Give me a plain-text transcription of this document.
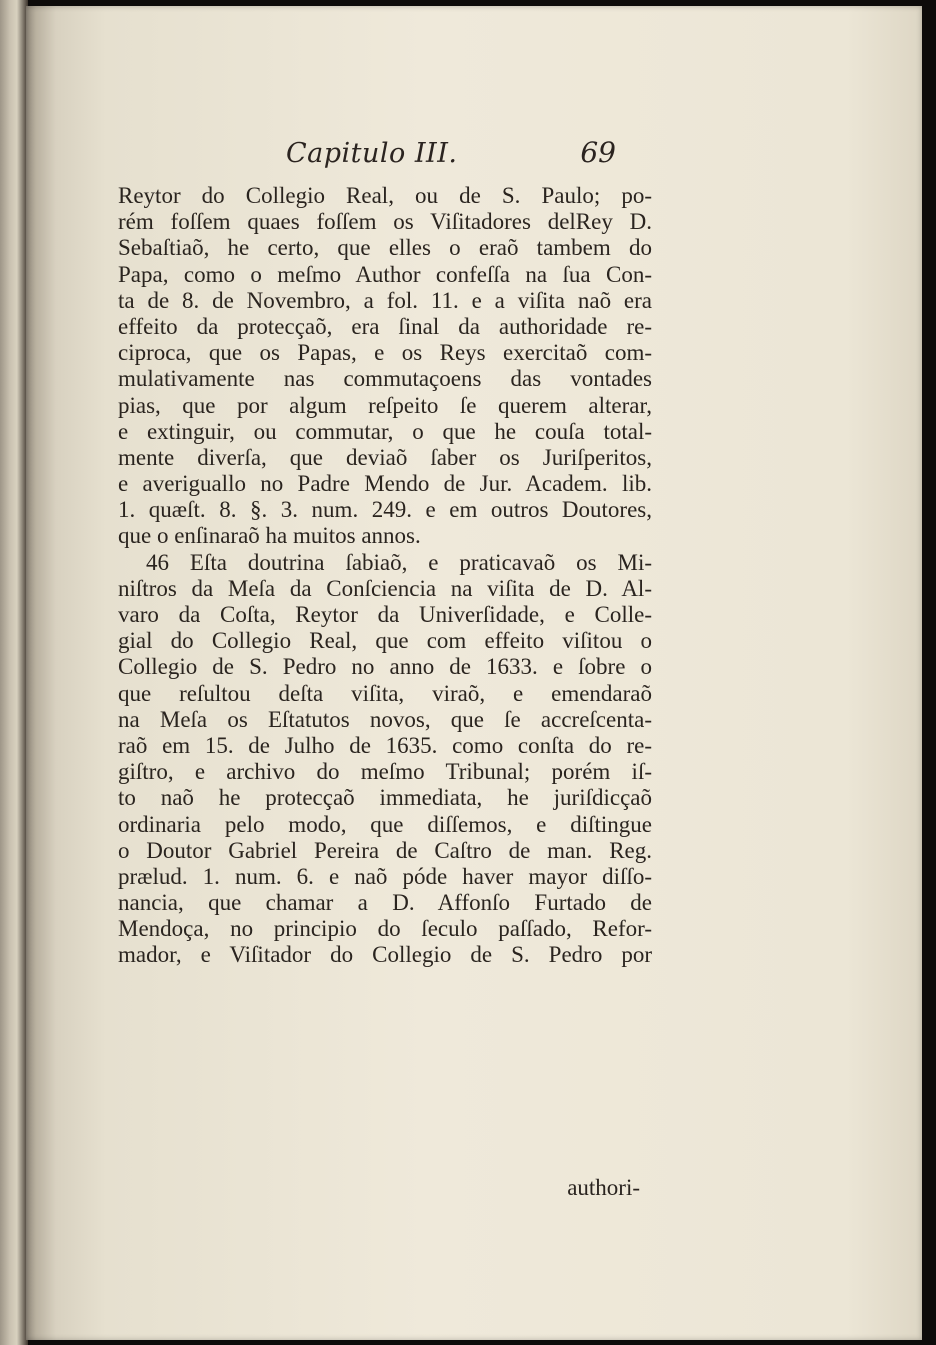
Capitulo III.	69
Reytor do Collegio Real, ou de S. Paulo; po-
rém foſſem quaes foſſem os Viſitadores delRey D.
Sebaſtiaõ, he certo, que elles o eraõ tambem do
Papa, como o meſmo Author confeſſa na ſua Con-
ta de 8. de Novembro, a fol. 11. e a viſita naõ era
effeito da protecçaõ, era ſinal da authoridade re-
ciproca, que os Papas, e os Reys exercitaõ com-
mulativamente nas commutaçoens das vontades
pias, que por algum reſpeito ſe querem alterar,
e extinguir, ou commutar, o que he couſa total-
mente diverſa, que deviaõ ſaber os Juriſperitos,
e averiguallo no Padre Mendo de Jur. Academ. lib.
1. quæſt. 8. §. 3. num. 249. e em outros Doutores,
que o enſinaraõ ha muitos annos.
46 Eſta doutrina ſabiaõ, e praticavaõ os Mi-
niſtros da Meſa da Conſciencia na viſita de D. Al-
varo da Coſta, Reytor da Univerſidade, e Colle-
gial do Collegio Real, que com effeito viſitou o
Collegio de S. Pedro no anno de 1633. e ſobre o
que reſultou deſta viſita, viraõ, e emendaraõ
na Meſa os Eſtatutos novos, que ſe accreſcenta-
raõ em 15. de Julho de 1635. como conſta do re-
giſtro, e archivo do meſmo Tribunal; porém iſ-
to naõ he protecçaõ immediata, he juriſdicçaõ
ordinaria pelo modo, que diſſemos, e diſtingue
o Doutor Gabriel Pereira de Caſtro de man. Reg.
prælud. 1. num. 6. e naõ póde haver mayor diſſo-
nancia, que chamar a D. Affonſo Furtado de
Mendoça, no principio do ſeculo paſſado, Refor-
mador, e Viſitador do Collegio de S. Pedro por
authori-
